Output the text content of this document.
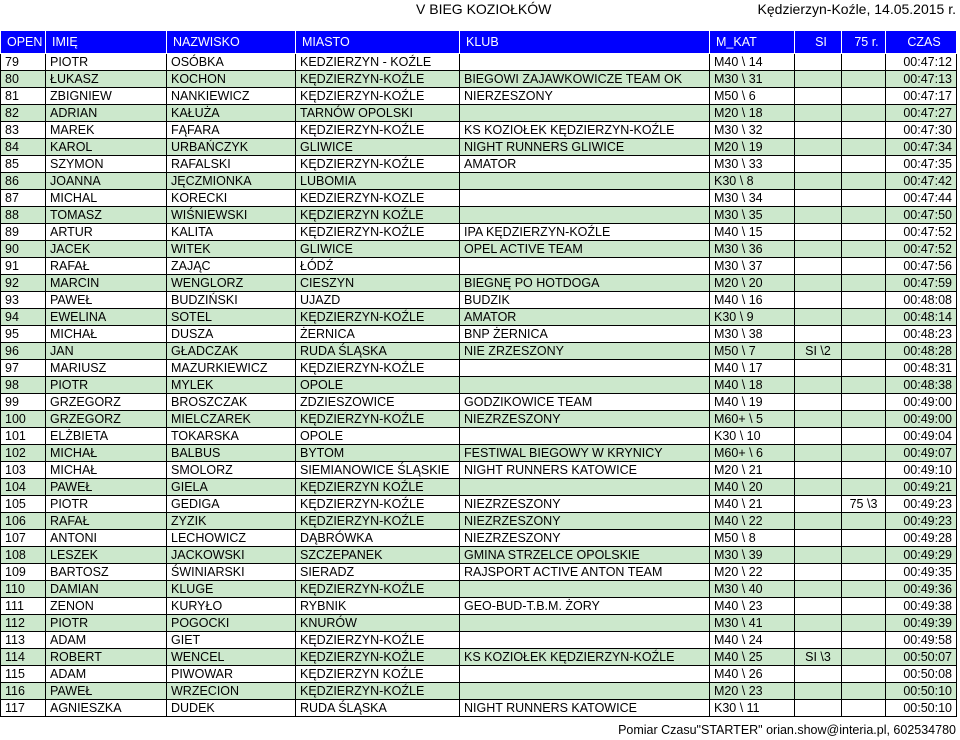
V BIEG KOZIOŁKÓW	Kędzierzyn-Koźle, 14.05.2015 r.
OPEN	IMIĘ	NAZWISKO	MIASTO	KLUB	M_KAT	SI	75 r.	CZAS
79	PIOTR	OSÓBKA	KEDZIERZYN - KOŹLE		M40 \ 14			00:47:12
80	ŁUKASZ	KOCHON	KĘDZIERZYN-KOŹLE	BIEGOWI ZAJAWKOWICZE TEAM OK	M30 \ 31			00:47:13
81	ZBIGNIEW	NANKIEWICZ	KĘDZIERZYN-KOŹLE	NIERZESZONY	M50 \ 6			00:47:17
82	ADRIAN	KAŁUŻA	TARNÓW OPOLSKI		M20 \ 18			00:47:27
83	MAREK	FĄFARA	KĘDZIERZYN-KOŹLE	KS KOZIOŁEK KĘDZIERZYN-KOŹLE	M30 \ 32			00:47:30
84	KAROL	URBAŃCZYK	GLIWICE	NIGHT RUNNERS GLIWICE	M20 \ 19			00:47:34
85	SZYMON	RAFALSKI	KĘDZIERZYN-KOŹLE	AMATOR	M30 \ 33			00:47:35
86	JOANNA	JĘCZMIONKA	LUBOMIA		K30 \ 8			00:47:42
87	MICHAL	KORECKI	KEDZIERZYN-KOZLE		M30 \ 34			00:47:44
88	TOMASZ	WIŚNIEWSKI	KĘDZIERZYN KOŹLE		M30 \ 35			00:47:50
89	ARTUR	KALITA	KĘDZIERZYN-KOŹLE	IPA KĘDZIERZYN-KOŹLE	M40 \ 15			00:47:52
90	JACEK	WITEK	GLIWICE	OPEL ACTIVE TEAM	M30 \ 36			00:47:52
91	RAFAŁ	ZAJĄC	ŁÓDŹ		M30 \ 37			00:47:56
92	MARCIN	WENGLORZ	CIESZYN	BIEGNĘ PO HOTDOGA	M20 \ 20			00:47:59
93	PAWEŁ	BUDZIŃSKI	UJAZD	BUDZIK	M40 \ 16			00:48:08
94	EWELINA	SOTEL	KĘDZIERZYN-KOŹLE	AMATOR	K30 \ 9			00:48:14
95	MICHAŁ	DUSZA	ŻERNICA	BNP ŻERNICA	M30 \ 38			00:48:23
96	JAN	GŁADCZAK	RUDA ŚLĄSKA	NIE ZRZESZONY	M50 \ 7	SI \2		00:48:28
97	MARIUSZ	MAZURKIEWICZ	KĘDZIERZYN-KOŹLE		M40 \ 17			00:48:31
98	PIOTR	MYLEK	OPOLE		M40 \ 18			00:48:38
99	GRZEGORZ	BROSZCZAK	ZDZIESZOWICE	GODZIKOWICE TEAM	M40 \ 19			00:49:00
100	GRZEGORZ	MIELCZAREK	KĘDZIERZYN-KOŹLE	NIEZRZESZONY	M60+ \ 5			00:49:00
101	ELŻBIETA	TOKARSKA	OPOLE		K30 \ 10			00:49:04
102	MICHAŁ	BALBUS	BYTOM	FESTIWAL BIEGOWY W KRYNICY	M60+ \ 6			00:49:07
103	MICHAŁ	SMOLORZ	SIEMIANOWICE ŚLĄSKIE	NIGHT RUNNERS KATOWICE	M20 \ 21			00:49:10
104	PAWEŁ	GIELA	KĘDZIERZYN KOŹLE		M40 \ 20			00:49:21
105	PIOTR	GEDIGA	KĘDZIERZYN-KOŹLE	NIEZRZESZONY	M40 \ 21		75 \3	00:49:23
106	RAFAŁ	ZYZIK	KĘDZIERZYN-KOŹLE	NIEZRZESZONY	M40 \ 22			00:49:23
107	ANTONI	LECHOWICZ	DĄBRÓWKA	NIEZRZESZONY	M50 \ 8			00:49:28
108	LESZEK	JACKOWSKI	SZCZEPANEK	GMINA STRZELCE OPOLSKIE	M30 \ 39			00:49:29
109	BARTOSZ	ŚWINIARSKI	SIERADZ	RAJSPORT ACTIVE ANTON TEAM	M20 \ 22			00:49:35
110	DAMIAN	KLUGE	KĘDZIERZYN-KOŹLE		M30 \ 40			00:49:36
111	ZENON	KURYŁO	RYBNIK	GEO-BUD-T.B.M. ŻORY	M40 \ 23			00:49:38
112	PIOTR	POGOCKI	KNURÓW		M30 \ 41			00:49:39
113	ADAM	GIET	KĘDZIERZYN-KOŹLE		M40 \ 24			00:49:58
114	ROBERT	WENCEL	KĘDZIERZYN-KOŹLE	KS KOZIOŁEK KĘDZIERZYN-KOŹLE	M40 \ 25	SI \3		00:50:07
115	ADAM	PIWOWAR	KĘDZIERZYN KOŹLE		M40 \ 26			00:50:08
116	PAWEŁ	WRZECION	KĘDZIERZYN-KOŹLE		M20 \ 23			00:50:10
117	AGNIESZKA	DUDEK	RUDA ŚLĄSKA	NIGHT RUNNERS KATOWICE	K30 \ 11			00:50:10
Pomiar Czasu"STARTER" orian.show@interia.pl, 602534780
